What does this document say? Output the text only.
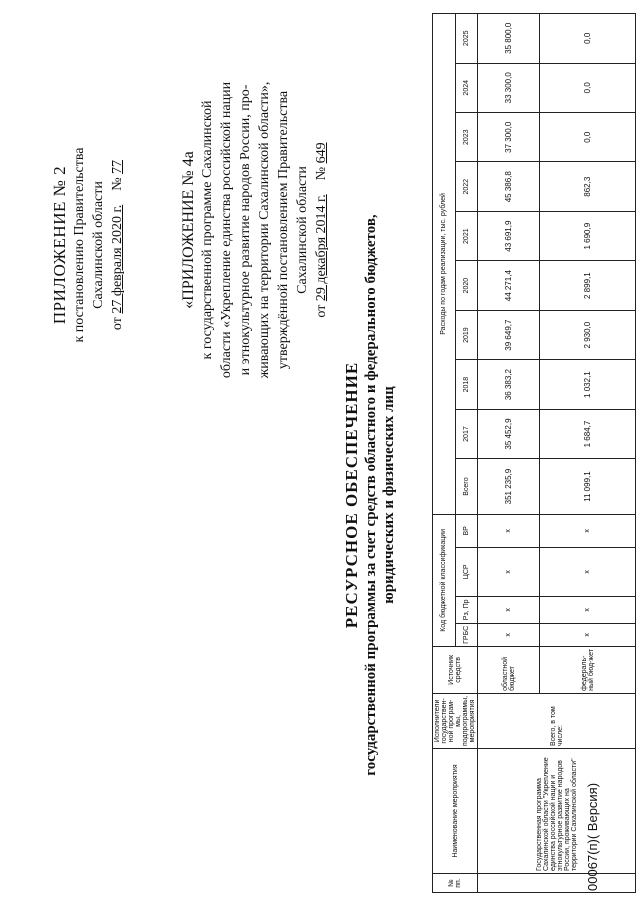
ПРИЛОЖЕНИЕ № 2 к постановлению Правительства Сахалинской области
от 27 февраля 2020 г.    № 77	«ПРИЛОЖЕНИЕ № 4а к государственной программе Сахалинской области «Укрепление единства российской нации и этнокультурное развитие народов России, про- живающих на территории Сахалинской области», утверждённой постановлением Правительства Сахалинской области
от 29 декабря 2014 г.    № 649
РЕСУРСНОЕ ОБЕСПЕЧЕНИЕ государственной программы за счет средств областного и федерального бюджетов, юридических и физических лиц
№ пп.	Наименование мероприятия	Исполнители государствен-ной програм-мы, подпрограммы, мероприятия	Источник средств	Код бюджетной классификации				Расходы по годам реализации, тыс. рублей									
				ГРБС	Рз, Пр	ЦСР	ВР	Всего	2017	2018	2019	2020	2021	2022	2023	2024	2025
	Государственная программа Сахалинской области "Укрепление единства российской нации и этнокультурное развитие народов России, проживающих на территории Сахалинской области"	Всего, в том числе:	областной бюджет	х	х	х	х	351 235,9	35 452,9	36 383,2	39 649,7	44 271,4	43 691,9	45 386,8	37 300,0	33 300,0	35 800,0
			федераль-ный бюд-жет	х	х	х	х	11 099,1	1 684,7	1 032,1	2 930,0	2 899,1	1 690,9	862,3	0,0	0,0	0,0
00067(п)( Версия)
